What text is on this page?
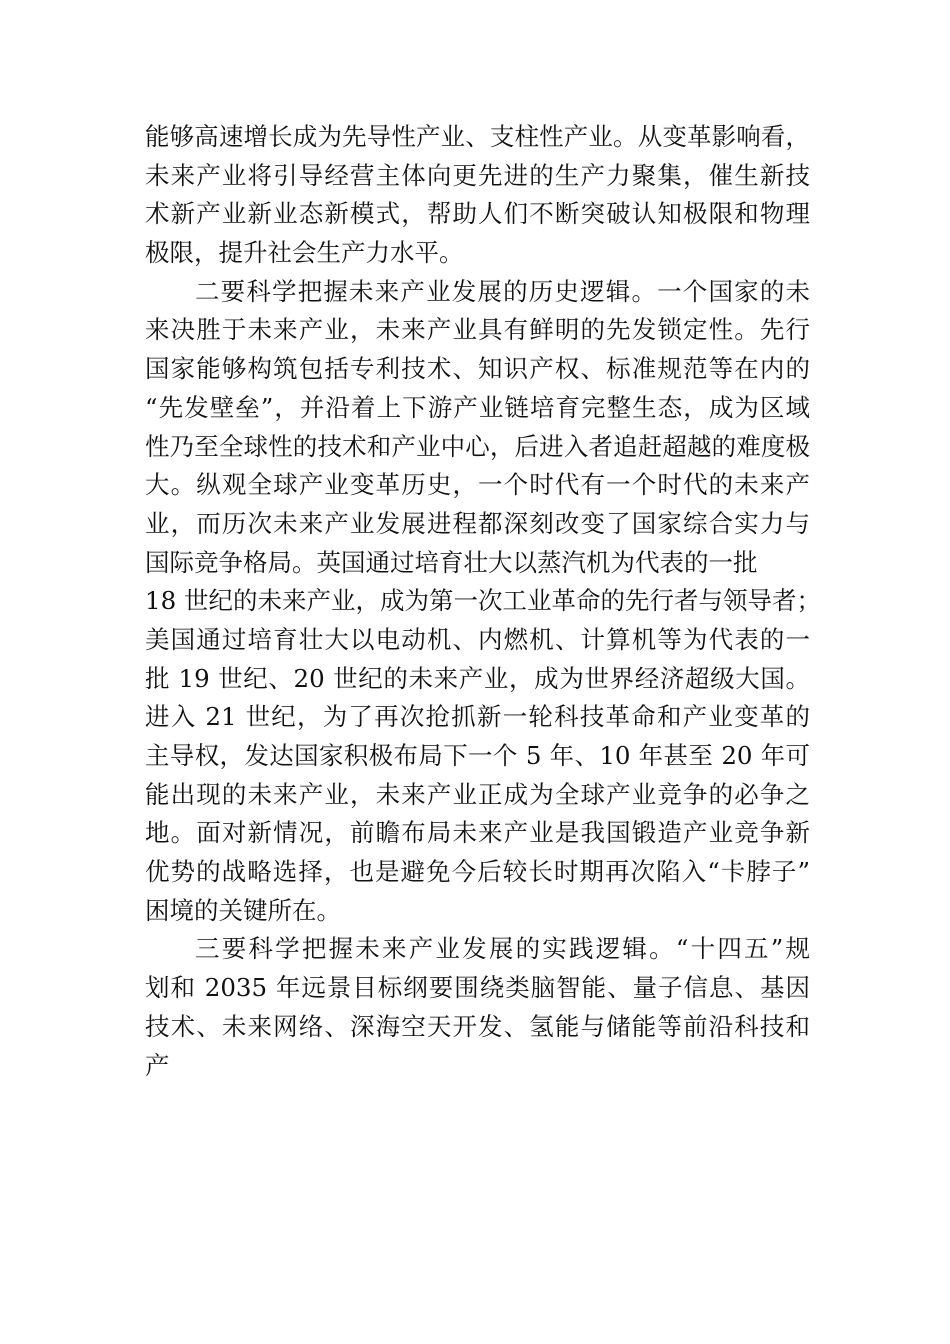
能够高速增长成为先导性产业、支柱性产业。从变革影响看，
未来产业将引导经营主体向更先进的生产力聚集，催生新技
术新产业新业态新模式，帮助人们不断突破认知极限和物理
极限，提升社会生产力水平。
二要科学把握未来产业发展的历史逻辑。一个国家的未
来决胜于未来产业，未来产业具有鲜明的先发锁定性。先行
国家能够构筑包括专利技术、知识产权、标准规范等在内的
“先发壁垒”，并沿着上下游产业链培育完整生态，成为区域
性乃至全球性的技术和产业中心，后进入者追赶超越的难度极
大。纵观全球产业变革历史，一个时代有一个时代的未来产
业，而历次未来产业发展进程都深刻改变了国家综合实力与
国际竞争格局。英国通过培育壮大以蒸汽机为代表的一批
18 世纪的未来产业，成为第一次工业革命的先行者与领导者；
美国通过培育壮大以电动机、内燃机、计算机等为代表的一
批 19 世纪、20 世纪的未来产业，成为世界经济超级大国。
进入 21 世纪，为了再次抢抓新一轮科技革命和产业变革的
主导权，发达国家积极布局下一个 5 年、10 年甚至 20 年可
能出现的未来产业，未来产业正成为全球产业竞争的必争之
地。面对新情况，前瞻布局未来产业是我国锻造产业竞争新
优势的战略选择，也是避免今后较长时期再次陷入“卡脖子”
困境的关键所在。
三要科学把握未来产业发展的实践逻辑。“十四五”规
划和 2035 年远景目标纲要围绕类脑智能、量子信息、基因
技术、未来网络、深海空天开发、氢能与储能等前沿科技和
产
